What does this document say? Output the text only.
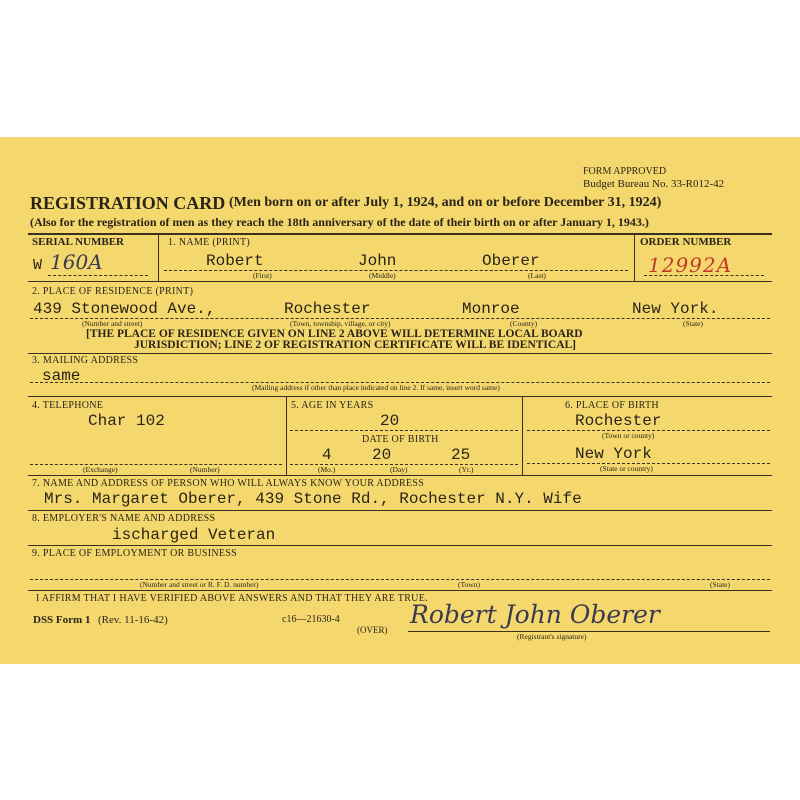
FORM APPROVED
Budget Bureau No. 33-R012-42
REGISTRATION CARD (Men born on or after July 1, 1924, and on or before December 31, 1924)
(Also for the registration of men as they reach the 18th anniversary of the date of their birth on or after January 1, 1943.)
SERIAL NUMBER
W 160A
1. NAME (PRINT)
Robert	John	Oberer
(First)	(Middle)	(Last)
ORDER NUMBER
12992A
2. PLACE OF RESIDENCE (PRINT)
439 Stonewood Ave.,	Rochester	Monroe	New York.
(Number and street)	(Town, township, village, or city)	(County)	(State)
[THE PLACE OF RESIDENCE GIVEN ON LINE 2 ABOVE WILL DETERMINE LOCAL BOARD
JURISDICTION; LINE 2 OF REGISTRATION CERTIFICATE WILL BE IDENTICAL]
3. MAILING ADDRESS
same
(Mailing address if other than place indicated on line 2. If same, insert word same)
4. TELEPHONE
Char 102
(Exchange)	(Number)
5. AGE IN YEARS
20
DATE OF BIRTH
4	20	25
(Mo.)	(Day)	(Yr.)
6. PLACE OF BIRTH
Rochester
(Town or county)
New York
(State or country)
7. NAME AND ADDRESS OF PERSON WHO WILL ALWAYS KNOW YOUR ADDRESS
Mrs. Margaret Oberer, 439 Stone Rd., Rochester N.Y. Wife
8. EMPLOYER'S NAME AND ADDRESS
ischarged Veteran
9. PLACE OF EMPLOYMENT OR BUSINESS
(Number and street or R. F. D. number)	(Town)	(State)
I AFFIRM THAT I HAVE VERIFIED ABOVE ANSWERS AND THAT THEY ARE TRUE.
DSS Form 1 (Rev. 11-16-42)	c16—21630-4
(OVER)
Robert John Oberer
(Registrant's signature)
